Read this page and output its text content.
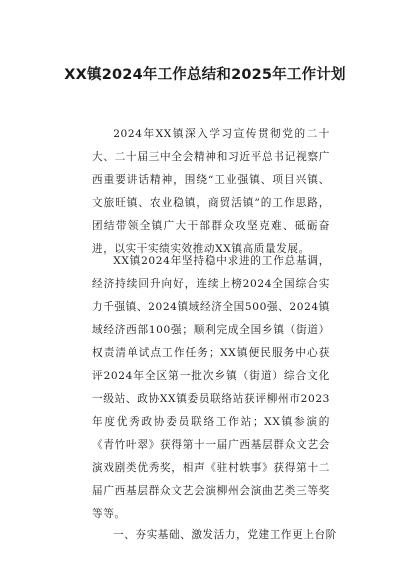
XX镇2024年工作总结和2025年工作计划

2024年XX镇深入学习宣传贯彻党的二十大、二十届三中全会精神和习近平总书记视察广西重要讲话精神，围绕“工业强镇、项目兴镇、文旅旺镇、农业稳镇，商贸活镇”的工作思路，团结带领全镇广大干部群众攻坚克难、砥砺奋进，以实干实绩实效推动XX镇高质量发展。

XX镇2024年坚持稳中求进的工作总基调，经济持续回升向好，连续上榜2024全国综合实力千强镇、2024镇域经济全国500强、2024镇域经济西部100强；顺利完成全国乡镇（街道）权责清单试点工作任务；XX镇便民服务中心获评2024年全区第一批次乡镇（街道）综合文化一级站、政协XX镇委员联络站获评柳州市2023年度优秀政协委员联络工作站；XX镇参演的《青竹叶翠》获得第十一届广西基层群众文艺会演戏剧类优秀奖，相声《驻村轶事》获得第十二届广西基层群众文艺会演柳州会演曲艺类三等奖等等。

一、夯实基础、激发活力，党建工作更上台阶
